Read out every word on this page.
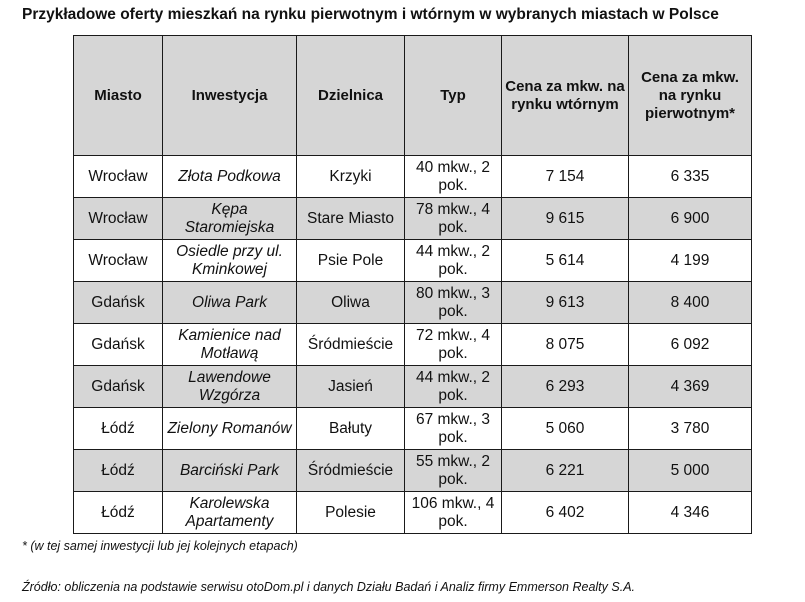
Przykładowe oferty mieszkań na rynku pierwotnym i wtórnym w wybranych miastach w Polsce
Miasto	Inwestycja	Dzielnica	Typ	Cena za mkw. na rynku wtórnym	Cena za mkw. na rynku pierwotnym*
Wrocław	Złota Podkowa	Krzyki	40 mkw., 2 pok.	7 154	6 335
Wrocław	Kępa Staromiejska	Stare Miasto	78 mkw., 4 pok.	9 615	6 900
Wrocław	Osiedle przy ul. Kminkowej	Psie Pole	44 mkw., 2 pok.	5 614	4 199
Gdańsk	Oliwa Park	Oliwa	80 mkw., 3 pok.	9 613	8 400
Gdańsk	Kamienice nad Motławą	Śródmieście	72 mkw., 4 pok.	8 075	6 092
Gdańsk	Lawendowe Wzgórza	Jasień	44 mkw., 2 pok.	6 293	4 369
Łódź	Zielony Romanów	Bałuty	67 mkw., 3 pok.	5 060	3 780
Łódź	Barciński Park	Śródmieście	55 mkw., 2 pok.	6 221	5 000
Łódź	Karolewska Apartamenty	Polesie	106 mkw., 4 pok.	6 402	4 346
* (w tej samej inwestycji lub jej kolejnych etapach)
Źródło: obliczenia na podstawie serwisu otoDom.pl i danych Działu Badań i Analiz firmy Emmerson Realty S.A.
